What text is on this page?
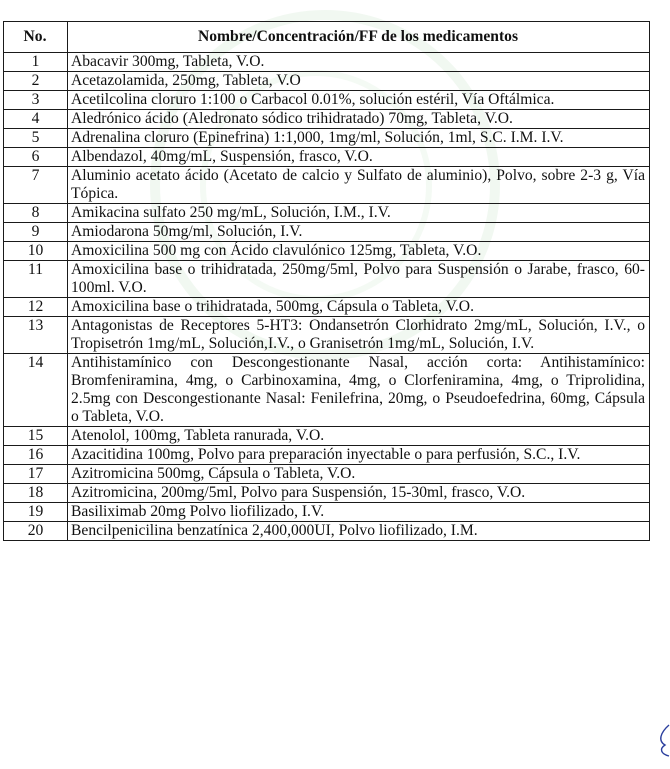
No.	Nombre/Concentración/FF de los medicamentos
1	Abacavir 300mg, Tableta, V.O.
2	Acetazolamida, 250mg, Tableta, V.O
3	Acetilcolina cloruro 1:100 o Carbacol 0.01%, solución estéril, Vía Oftálmica.
4	Aledrónico ácido (Aledronato sódico trihidratado) 70mg, Tableta, V.O.
5	Adrenalina cloruro (Epinefrina) 1:1,000, 1mg/ml, Solución, 1ml, S.C. I.M. I.V.
6	Albendazol, 40mg/mL, Suspensión, frasco, V.O.
7	Aluminio acetato ácido (Acetato de calcio y Sulfato de aluminio), Polvo, sobre 2-3 g, Vía Tópica.
8	Amikacina sulfato 250 mg/mL, Solución, I.M., I.V.
9	Amiodarona 50mg/ml, Solución, I.V.
10	Amoxicilina 500 mg con Ácido clavulónico 125mg, Tableta, V.O.
11	Amoxicilina base o trihidratada, 250mg/5ml, Polvo para Suspensión o Jarabe, frasco, 60-100ml. V.O.
12	Amoxicilina base o trihidratada, 500mg, Cápsula o Tableta, V.O.
13	Antagonistas de Receptores 5-HT3: Ondansetrón Clorhidrato 2mg/mL, Solución, I.V., o Tropisetrón 1mg/mL, Solución,I.V., o Granisetrón 1mg/mL, Solución, I.V.
14	Antihistamínico con Descongestionante Nasal, acción corta: Antihistamínico: Bromfeniramina, 4mg, o Carbinoxamina, 4mg, o Clorfeniramina, 4mg, o Triprolidina, 2.5mg con Descongestionante Nasal: Fenilefrina, 20mg, o Pseudoefedrina, 60mg, Cápsula o Tableta, V.O.
15	Atenolol, 100mg, Tableta ranurada, V.O.
16	Azacitidina 100mg, Polvo para preparación inyectable o para perfusión, S.C., I.V.
17	Azitromicina 500mg, Cápsula o Tableta, V.O.
18	Azitromicina, 200mg/5ml, Polvo para Suspensión, 15-30ml, frasco, V.O.
19	Basiliximab 20mg Polvo liofilizado, I.V.
20	Bencilpenicilina benzatínica 2,400,000UI, Polvo liofilizado, I.M.
